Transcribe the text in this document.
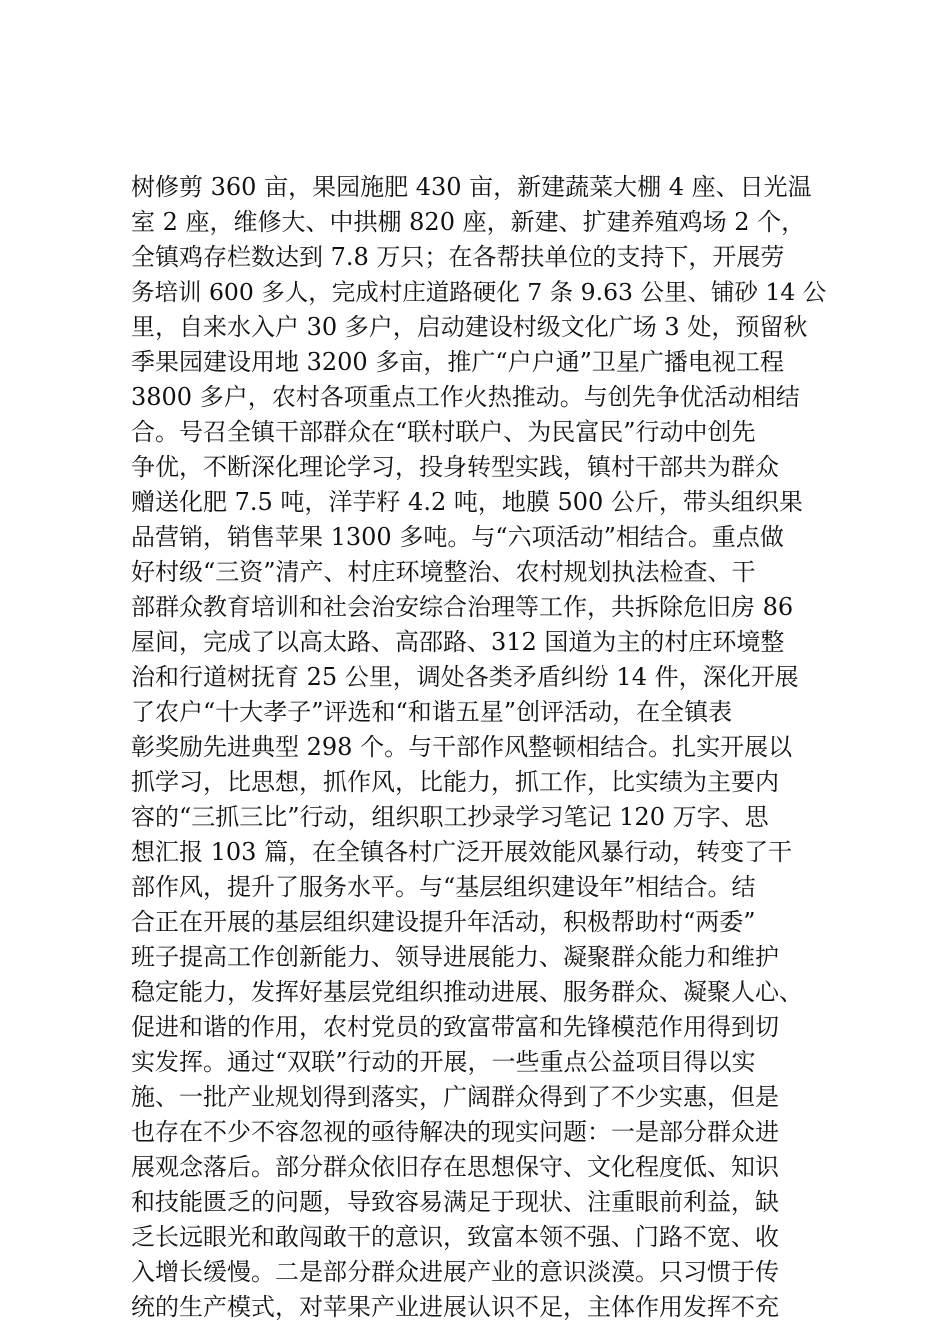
树修剪 360 亩，果园施肥 430 亩，新建蔬菜大棚 4 座、日光温
室 2 座，维修大、中拱棚 820 座，新建、扩建养殖鸡场 2 个，
全镇鸡存栏数达到 7.8 万只；在各帮扶单位的支持下，开展劳
务培训 600 多人，完成村庄道路硬化 7 条 9.63 公里、铺砂 14 公
里，自来水入户 30 多户，启动建设村级文化广场 3 处，预留秋
季果园建设用地 3200 多亩，推广“户户通”卫星广播电视工程
3800 多户，农村各项重点工作火热推动。与创先争优活动相结
合。号召全镇干部群众在“联村联户、为民富民”行动中创先
争优，不断深化理论学习，投身转型实践，镇村干部共为群众
赠送化肥 7.5 吨，洋芋籽 4.2 吨，地膜 500 公斤，带头组织果
品营销，销售苹果 1300 多吨。与“六项活动”相结合。重点做
好村级“三资”清产、村庄环境整治、农村规划执法检查、干
部群众教育培训和社会治安综合治理等工作，共拆除危旧房 86
屋间，完成了以高太路、高邵路、312 国道为主的村庄环境整
治和行道树抚育 25 公里，调处各类矛盾纠纷 14 件，深化开展
了农户“十大孝子”评选和“和谐五星”创评活动，在全镇表
彰奖励先进典型 298 个。与干部作风整顿相结合。扎实开展以
抓学习，比思想，抓作风，比能力，抓工作，比实绩为主要内
容的“三抓三比”行动，组织职工抄录学习笔记 120 万字、思
想汇报 103 篇，在全镇各村广泛开展效能风暴行动，转变了干
部作风，提升了服务水平。与“基层组织建设年”相结合。结
合正在开展的基层组织建设提升年活动，积极帮助村“两委”
班子提高工作创新能力、领导进展能力、凝聚群众能力和维护
稳定能力，发挥好基层党组织推动进展、服务群众、凝聚人心、
促进和谐的作用，农村党员的致富带富和先锋模范作用得到切
实发挥。通过“双联”行动的开展，一些重点公益项目得以实
施、一批产业规划得到落实，广阔群众得到了不少实惠，但是
也存在不少不容忽视的亟待解决的现实问题：一是部分群众进
展观念落后。部分群众依旧存在思想保守、文化程度低、知识
和技能匮乏的问题，导致容易满足于现状、注重眼前利益，缺
乏长远眼光和敢闯敢干的意识，致富本领不强、门路不宽、收
入增长缓慢。二是部分群众进展产业的意识淡漠。只习惯于传
统的生产模式，对苹果产业进展认识不足，主体作用发挥不充
